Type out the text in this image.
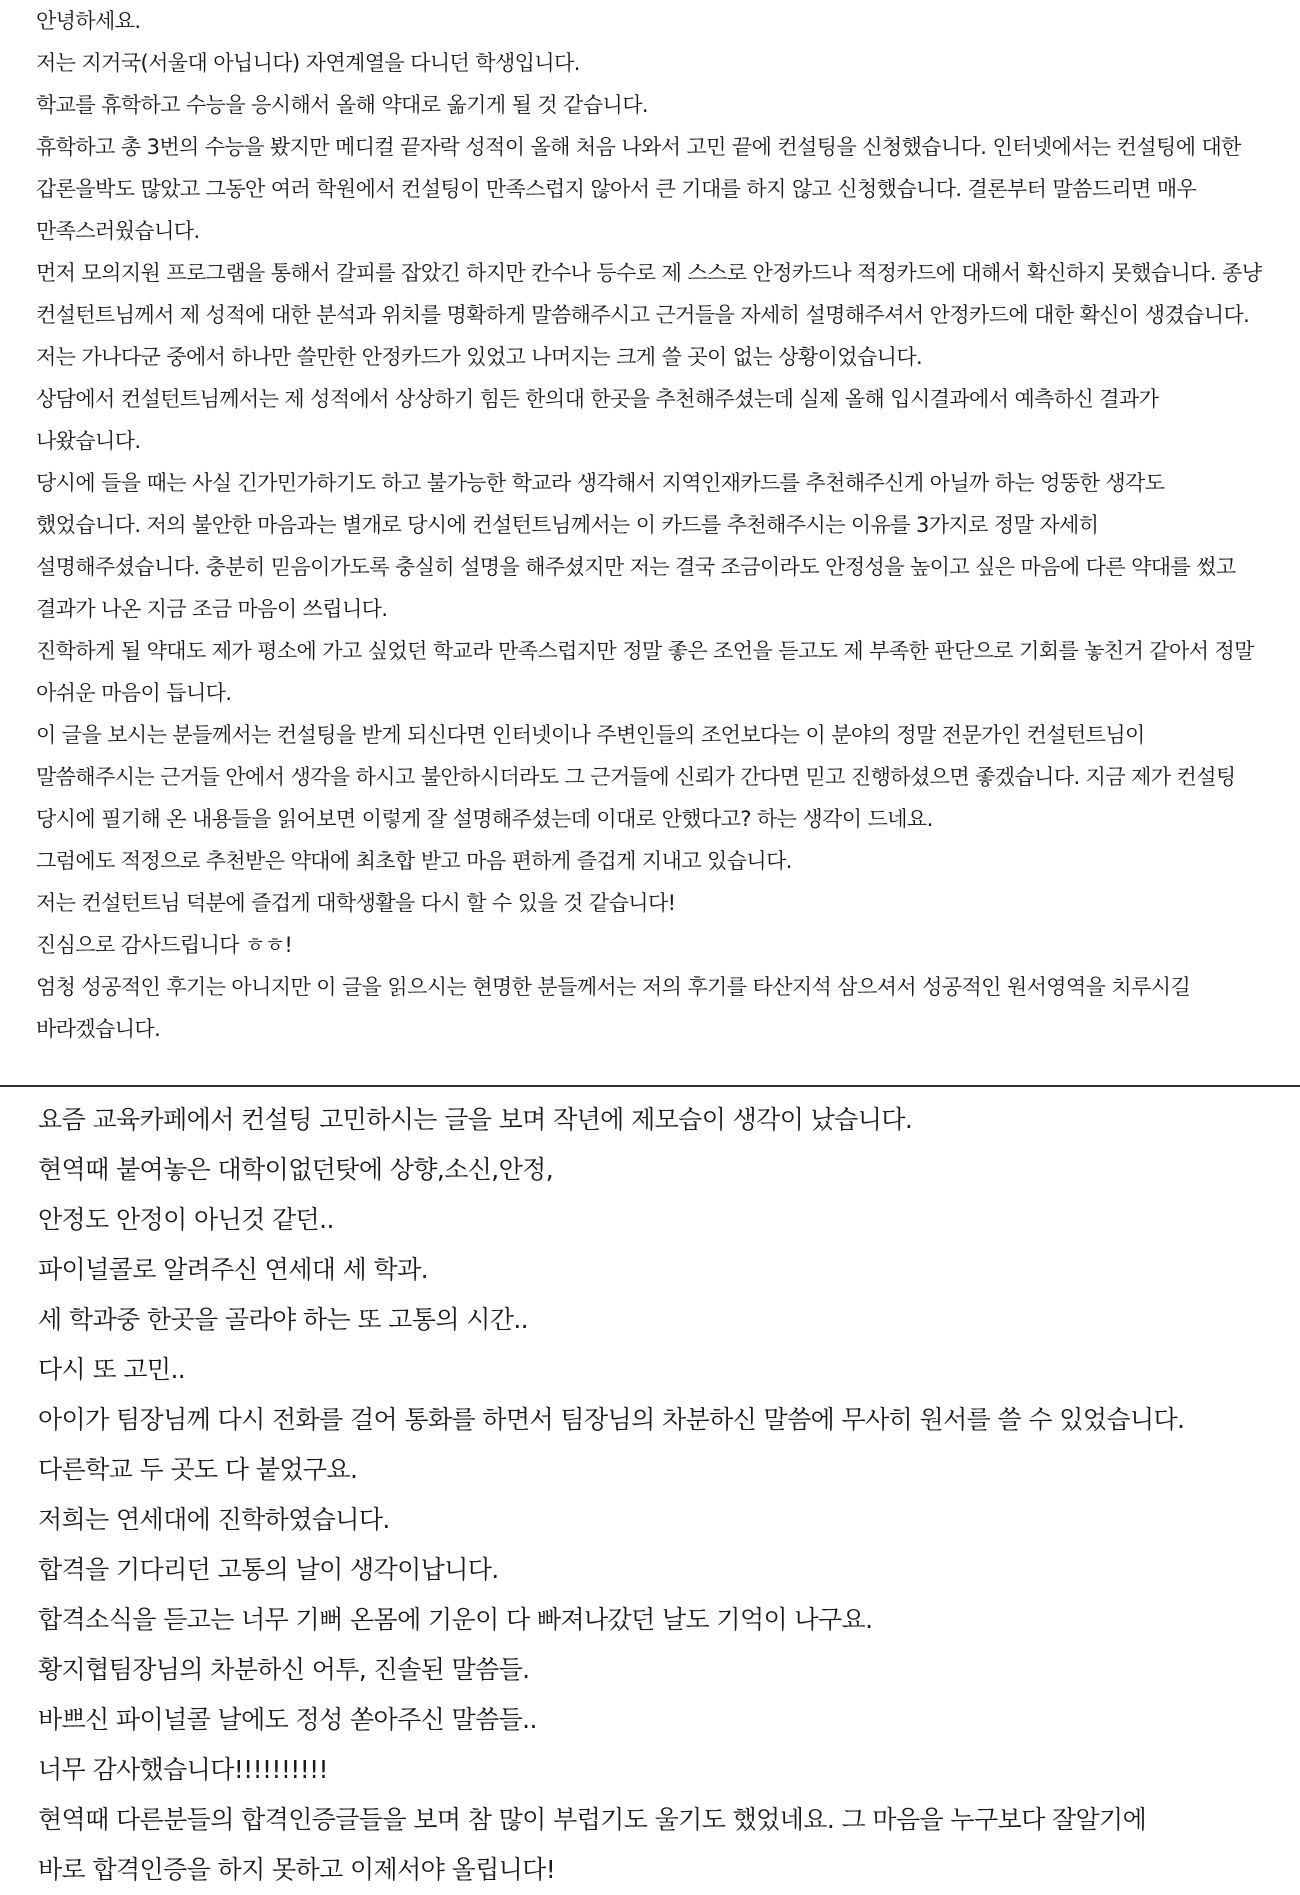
안녕하세요.

저는 지거국(서울대 아닙니다) 자연계열을 다니던 학생입니다.

학교를 휴학하고 수능을 응시해서 올해 약대로 옮기게 될 것 같습니다.

휴학하고 총 3번의 수능을 봤지만 메디컬 끝자락 성적이 올해 처음 나와서 고민 끝에 컨설팅을 신청했습니다. 인터넷에서는 컨설팅에 대한 갑론을박도 많았고 그동안 여러 학원에서 컨설팅이 만족스럽지 않아서 큰 기대를 하지 않고 신청했습니다. 결론부터 말씀드리면 매우 만족스러웠습니다.

먼저 모의지원 프로그램을 통해서 갈피를 잡았긴 하지만 칸수나 등수로 제 스스로 안정카드나 적정카드에 대해서 확신하지 못했습니다. 종냥 컨설턴트님께서 제 성적에 대한 분석과 위치를 명확하게 말씀해주시고 근거들을 자세히 설명해주셔서 안정카드에 대한 확신이 생겼습니다.

저는 가나다군 중에서 하나만 쓸만한 안정카드가 있었고 나머지는 크게 쓸 곳이 없는 상황이었습니다.

상담에서 컨설턴트님께서는 제 성적에서 상상하기 힘든 한의대 한곳을 추천해주셨는데 실제 올해 입시결과에서 예측하신 결과가 나왔습니다.

당시에 들을 때는 사실 긴가민가하기도 하고 불가능한 학교라 생각해서 지역인재카드를 추천해주신게 아닐까 하는 엉뚱한 생각도 했었습니다. 저의 불안한 마음과는 별개로 당시에 컨설턴트님께서는 이 카드를 추천해주시는 이유를 3가지로 정말 자세히 설명해주셨습니다. 충분히 믿음이가도록 충실히 설명을 해주셨지만 저는 결국 조금이라도 안정성을 높이고 싶은 마음에 다른 약대를 썼고 결과가 나온 지금 조금 마음이 쓰립니다.

진학하게 될 약대도 제가 평소에 가고 싶었던 학교라 만족스럽지만 정말 좋은 조언을 듣고도 제 부족한 판단으로 기회를 놓친거 같아서 정말 아쉬운 마음이 듭니다.

이 글을 보시는 분들께서는 컨설팅을 받게 되신다면 인터넷이나 주변인들의 조언보다는 이 분야의 정말 전문가인 컨설턴트님이 말씀해주시는 근거들 안에서 생각을 하시고 불안하시더라도 그 근거들에 신뢰가 간다면 믿고 진행하셨으면 좋겠습니다. 지금 제가 컨설팅 당시에 필기해 온 내용들을 읽어보면 이렇게 잘 설명해주셨는데 이대로 안했다고? 하는 생각이 드네요.

그럼에도 적정으로 추천받은 약대에 최초합 받고 마음 편하게 즐겁게 지내고 있습니다.

저는 컨설턴트님 덕분에 즐겁게 대학생활을 다시 할 수 있을 것 같습니다!

진심으로 감사드립니다 ㅎㅎ!

엄청 성공적인 후기는 아니지만 이 글을 읽으시는 현명한 분들께서는 저의 후기를 타산지석 삼으셔서 성공적인 원서영역을 치루시길 바라겠습니다.

요즘 교육카페에서 컨설팅 고민하시는 글을 보며 작년에 제모습이 생각이 났습니다.

현역때 붙여놓은 대학이없던탓에 상향,소신,안정,

안정도 안정이 아닌것 같던..

파이널콜로 알려주신 연세대 세 학과.

세 학과중 한곳을 골라야 하는 또 고통의 시간..

다시 또 고민..

아이가 팀장님께 다시 전화를 걸어 통화를 하면서 팀장님의 차분하신 말씀에 무사히 원서를 쓸 수 있었습니다.

다른학교 두 곳도 다 붙었구요.

저희는 연세대에 진학하였습니다.

합격을 기다리던 고통의 날이 생각이납니다.

합격소식을 듣고는 너무 기뻐 온몸에 기운이 다 빠져나갔던 날도 기억이 나구요.

황지협팀장님의 차분하신 어투, 진솔된 말씀들.

바쁘신 파이널콜 날에도 정성 쏟아주신 말씀들..

너무 감사했습니다!!!!!!!!!!

현역때 다른분들의 합격인증글들을 보며 참 많이 부럽기도 울기도 했었네요. 그 마음을 누구보다 잘알기에

바로 합격인증을 하지 못하고 이제서야 올립니다!
